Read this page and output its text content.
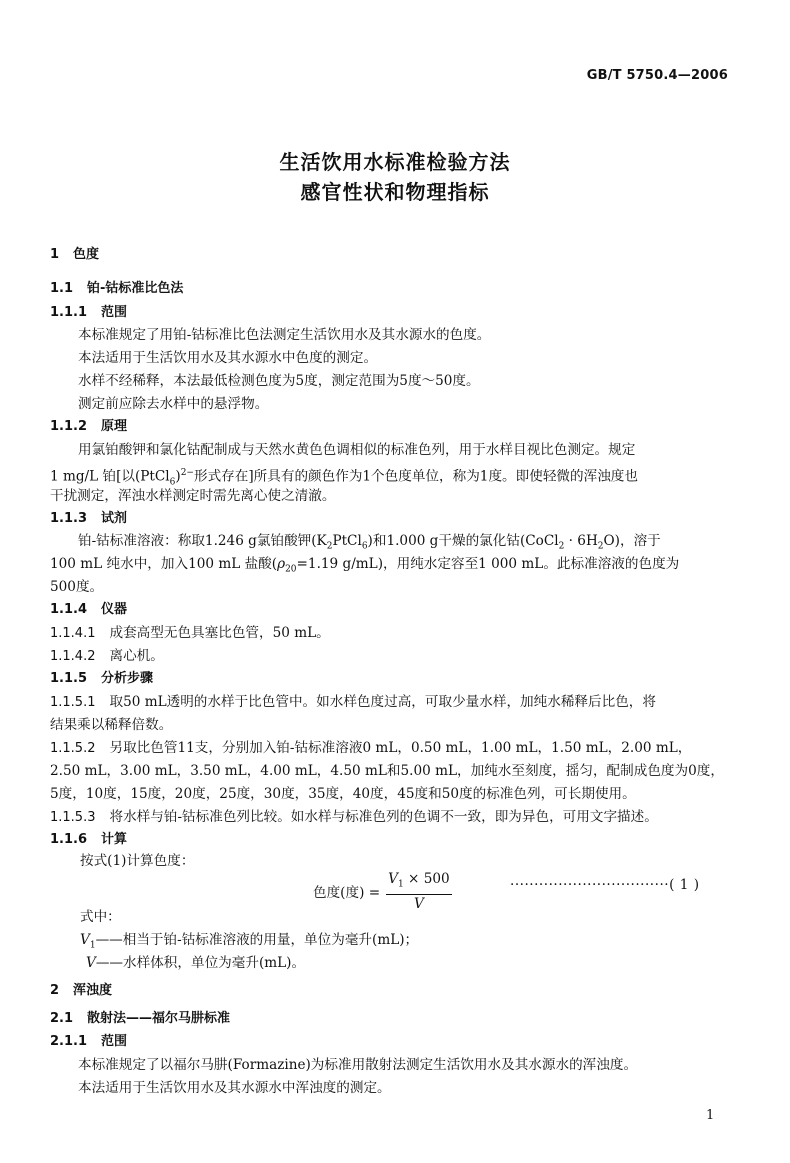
GB/T 5750.4—2006
生活饮用水标准检验方法
感官性状和物理指标
1 色度
1.1 铂-钴标准比色法
1.1.1 范围
本标准规定了用铂-钴标准比色法测定生活饮用水及其水源水的色度。
本法适用于生活饮用水及其水源水中色度的测定。
水样不经稀释，本法最低检测色度为5度，测定范围为5度～50度。
测定前应除去水样中的悬浮物。
1.1.2 原理
用氯铂酸钾和氯化钴配制成与天然水黄色色调相似的标准色列，用于水样目视比色测定。规定
1 mg/L 铂[以(PtCl$_6$)$^{2-}$形式存在]所具有的颜色作为1个色度单位，称为1度。即使轻微的浑浊度也
干扰测定，浑浊水样测定时需先离心使之清澈。
1.1.3 试剂
铂-钴标准溶液：称取1.246 g氯铂酸钾$(K_2PtCl_6)$和1.000 g干燥的氯化钴(CoCl$_2$ · $6H_2O$)，溶于
100 mL 纯水中，加入100 mL 盐酸($\rho_{20}=1.19$ g/mL)，用纯水定容至1 000 mL。此标准溶液的色度为
500度。
1.1.4 仪器
1.1.4.1 成套高型无色具塞比色管，50 mL。
1.1.4.2 离心机。
1.1.5 分析步骤
1.1.5.1 取50 mL透明的水样于比色管中。如水样色度过高，可取少量水样，加纯水稀释后比色，将
结果乘以稀释倍数。
1.1.5.2 另取比色管11支，分别加入铂-钴标准溶液0 mL，0.50 mL，1.00 mL，1.50 mL，2.00 mL，
2.50 mL，3.00 mL，3.50 mL，4.00 mL，4.50 mL和5.00 mL，加纯水至刻度，摇匀，配制成色度为0度，
5度，10度，15度，20度，25度，30度，35度，40度，45度和50度的标准色列，可长期使用。
1.1.5.3 将水样与铂-钴标准色列比较。如水样与标准色列的色调不一致，即为异色，可用文字描述。
1.1.6 计算
按式(1)计算色度：
色度(度) = $\frac{V_1 \times 500}{V}$	·································( 1 )
式中：
$V_1——$相当于铂-钴标准溶液的用量，单位为毫升(mL)；
V——水样体积，单位为毫升(mL)。
2 浑浊度
2.1 散射法——福尔马肼标准
2.1.1 范围
本标准规定了以福尔马肼(Formazine)为标准用散射法测定生活饮用水及其水源水的浑浊度。
本法适用于生活饮用水及其水源水中浑浊度的测定。
1
